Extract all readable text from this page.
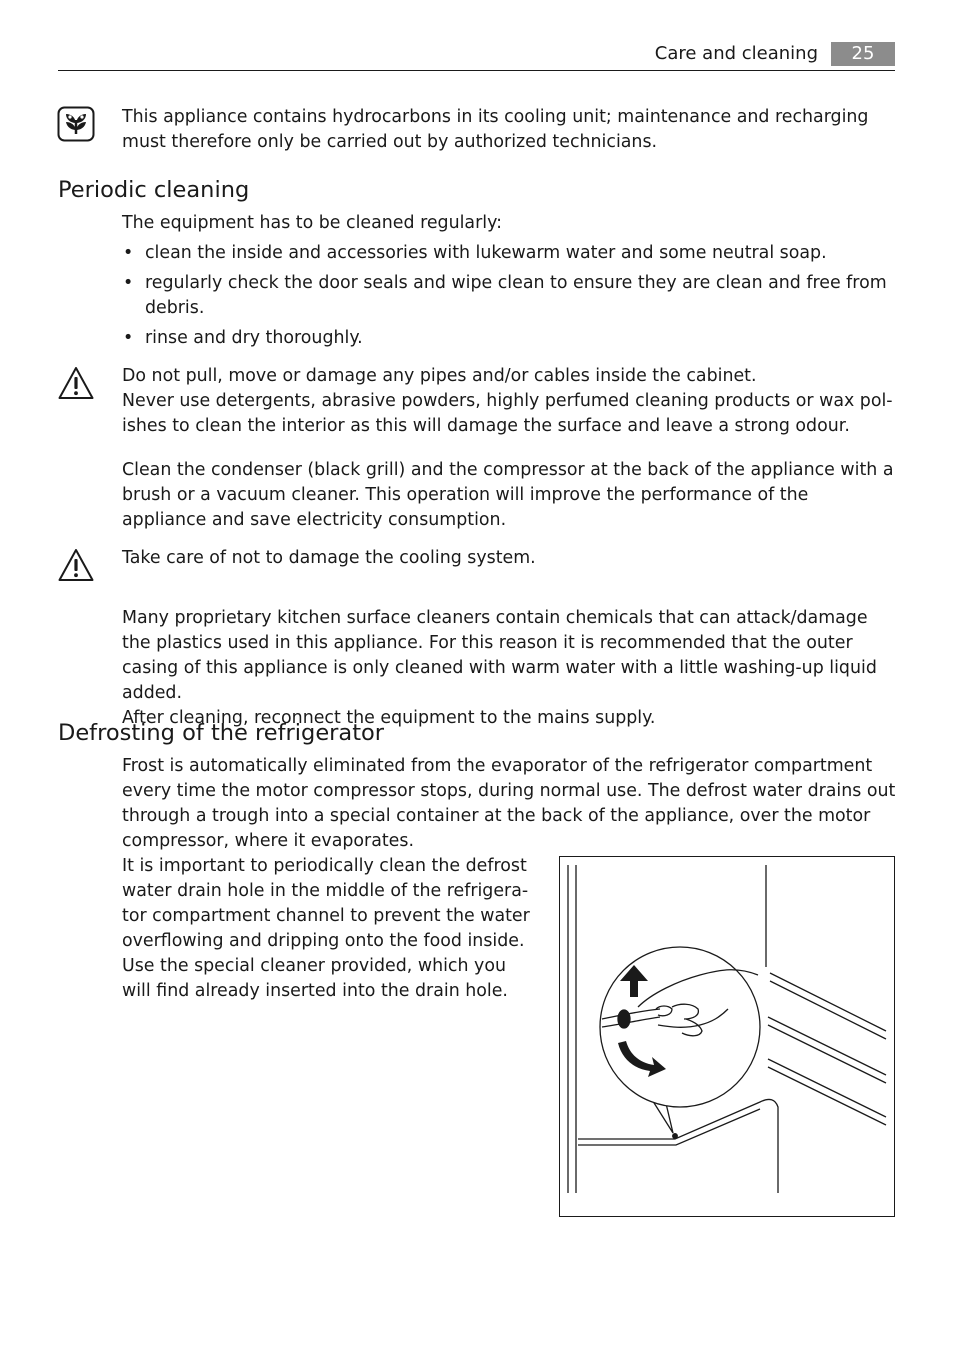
Care and cleaning	25
This appliance contains hydrocarbons in its cooling unit; maintenance and recharging must therefore only be carried out by authorized technicians.
Periodic cleaning
The equipment has to be cleaned regularly:
• clean the inside and accessories with lukewarm water and some neutral soap.
• regularly check the door seals and wipe clean to ensure they are clean and free from debris.
• rinse and dry thoroughly.

Do not pull, move or damage any pipes and/or cables inside the cabinet.

Never use detergents, abrasive powders, highly perfumed cleaning products or wax pol-ishes to clean the interior as this will damage the surface and leave a strong odour.

Clean the condenser (black grill) and the compressor at the back of the appliance with a brush or a vacuum cleaner. This operation will improve the performance of the appliance and save electricity consumption.
Take care of not to damage the cooling system.

Many proprietary kitchen surface cleaners contain chemicals that can attack/damage the plastics used in this appliance. For this reason it is recommended that the outer casing of this appliance is only cleaned with warm water with a little washing-up liquid added.

After cleaning, reconnect the equipment to the mains supply.

Defrosting of the refrigerator
Frost is automatically eliminated from the evaporator of the refrigerator compartment every time the motor compressor stops, during normal use. The defrost water drains out through a trough into a special container at the back of the appliance, over the motor compressor, where it evaporates.
It is important to periodically clean the defrost water drain hole in the middle of the refrigera-tor compartment channel to prevent the water overflowing and dripping onto the food inside. Use the special cleaner provided, which you will find already inserted into the drain hole.
